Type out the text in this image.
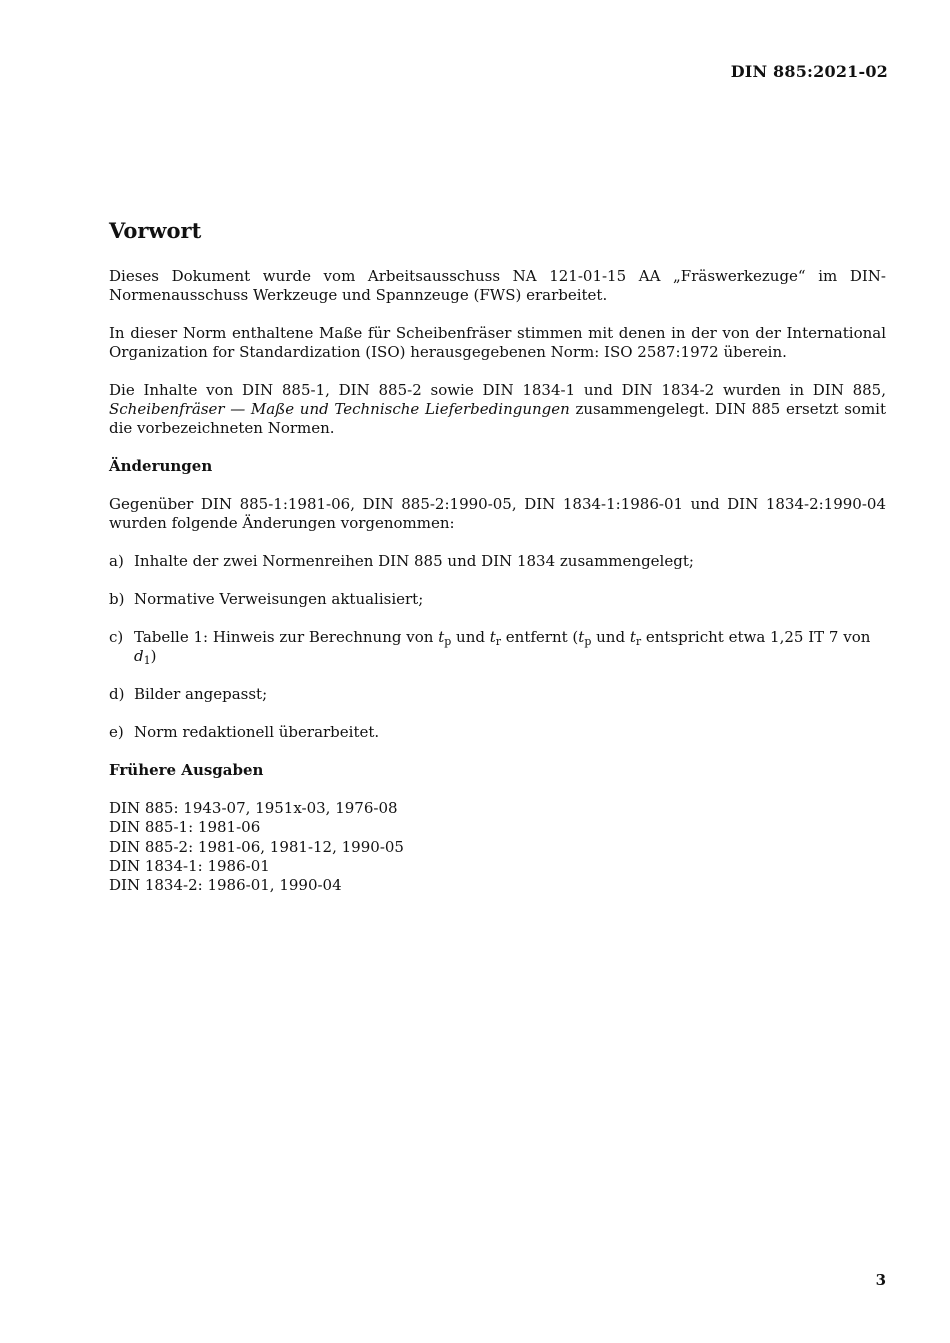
DIN 885:2021-02
Vorwort

Dieses Dokument wurde vom Arbeitsausschuss NA 121-01-15 AA „Fräswerkezuge“ im DIN-Normenausschuss Werkzeuge und Spannzeuge (FWS) erarbeitet.

In dieser Norm enthaltene Maße für Scheibenfräser stimmen mit denen in der von der International Organization for Standardization (ISO) herausgegebenen Norm: ISO 2587:1972 überein.

Die Inhalte von DIN 885-1, DIN 885-2 sowie DIN 1834-1 und DIN 1834-2 wurden in DIN 885, Scheibenfräser — Maße und Technische Lieferbedingungen zusammengelegt. DIN 885 ersetzt somit die vorbezeichneten Normen.

Änderungen

Gegenüber DIN 885-1:1981-06, DIN 885-2:1990-05, DIN 1834-1:1986-01 und DIN 1834-2:1990-04 wurden folgende Änderungen vorgenommen:

a) Inhalte der zwei Normenreihen DIN 885 und DIN 1834 zusammengelegt;
b) Normative Verweisungen aktualisiert;
c) Tabelle 1: Hinweis zur Berechnung von $t_p$ und $t_r$ entfernt ($t_p$ und $t_r$ entspricht etwa 1,25 IT 7 von $d_1$)
d) Bilder angepasst;
e) Norm redaktionell überarbeitet.
Frühere Ausgaben
DIN 885: 1943-07, 1951x-03, 1976-08
DIN 885-1: 1981-06
DIN 885-2: 1981-06, 1981-12, 1990-05
DIN 1834-1: 1986-01
DIN 1834-2: 1986-01, 1990-04
3
